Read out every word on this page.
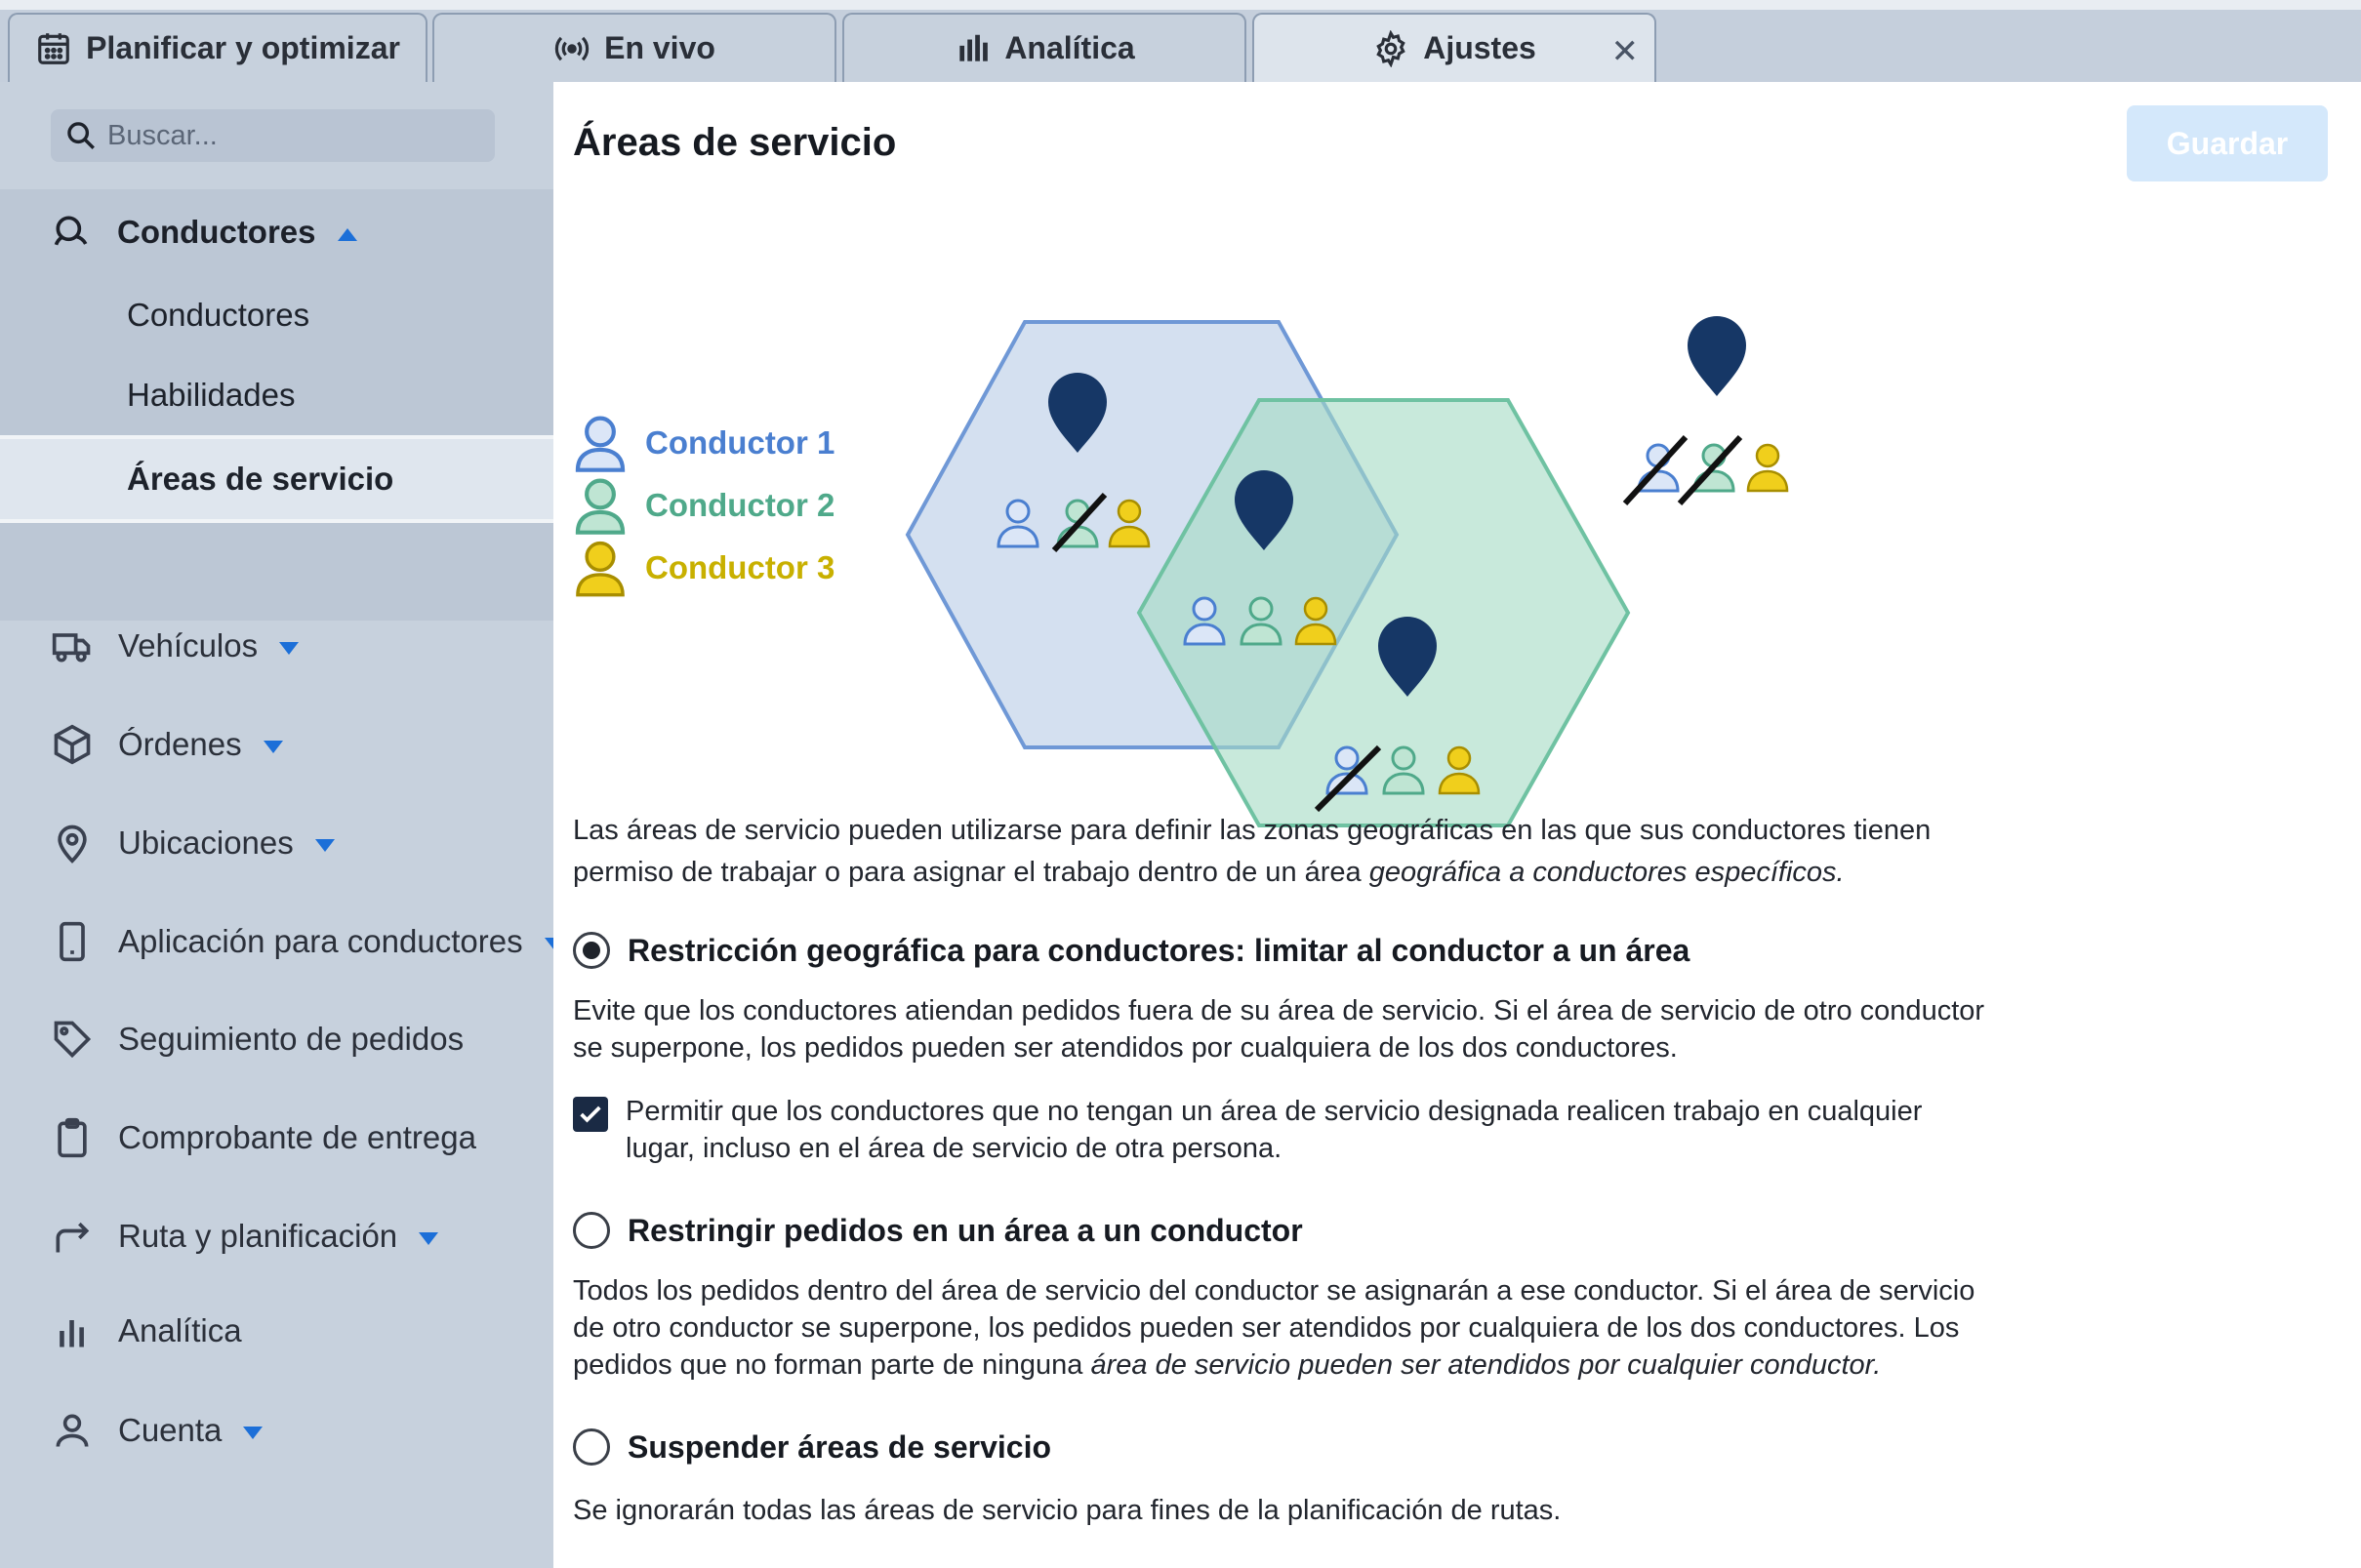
Planificar y optimizar	En vivo	Analítica	Ajustes ✕
Buscar...
Conductores
Conductores
Habilidades
Áreas de servicio
Vehículos
Órdenes
Ubicaciones
Aplicación para conductores
Seguimiento de pedidos
Comprobante de entrega
Ruta y planificación
Analítica
Cuenta
Áreas de servicio	Guardar
Conductor 1
Conductor 2
Conductor 3

Las áreas de servicio pueden utilizarse para definir las zonas geográficas en las que sus conductores tienen permiso de trabajar o para asignar el trabajo dentro de un área geográfica a conductores específicos.

Restricción geográfica para conductores: limitar al conductor a un área

Evite que los conductores atiendan pedidos fuera de su área de servicio. Si el área de servicio de otro conductor se superpone, los pedidos pueden ser atendidos por cualquiera de los dos conductores.

Permitir que los conductores que no tengan un área de servicio designada realicen trabajo en cualquier lugar, incluso en el área de servicio de otra persona.
Restringir pedidos en un área a un conductor

Todos los pedidos dentro del área de servicio del conductor se asignarán a ese conductor. Si el área de servicio de otro conductor se superpone, los pedidos pueden ser atendidos por cualquiera de los dos conductores. Los pedidos que no forman parte de ninguna área de servicio pueden ser atendidos por cualquier conductor.

Suspender áreas de servicio

Se ignorarán todas las áreas de servicio para fines de la planificación de rutas.
